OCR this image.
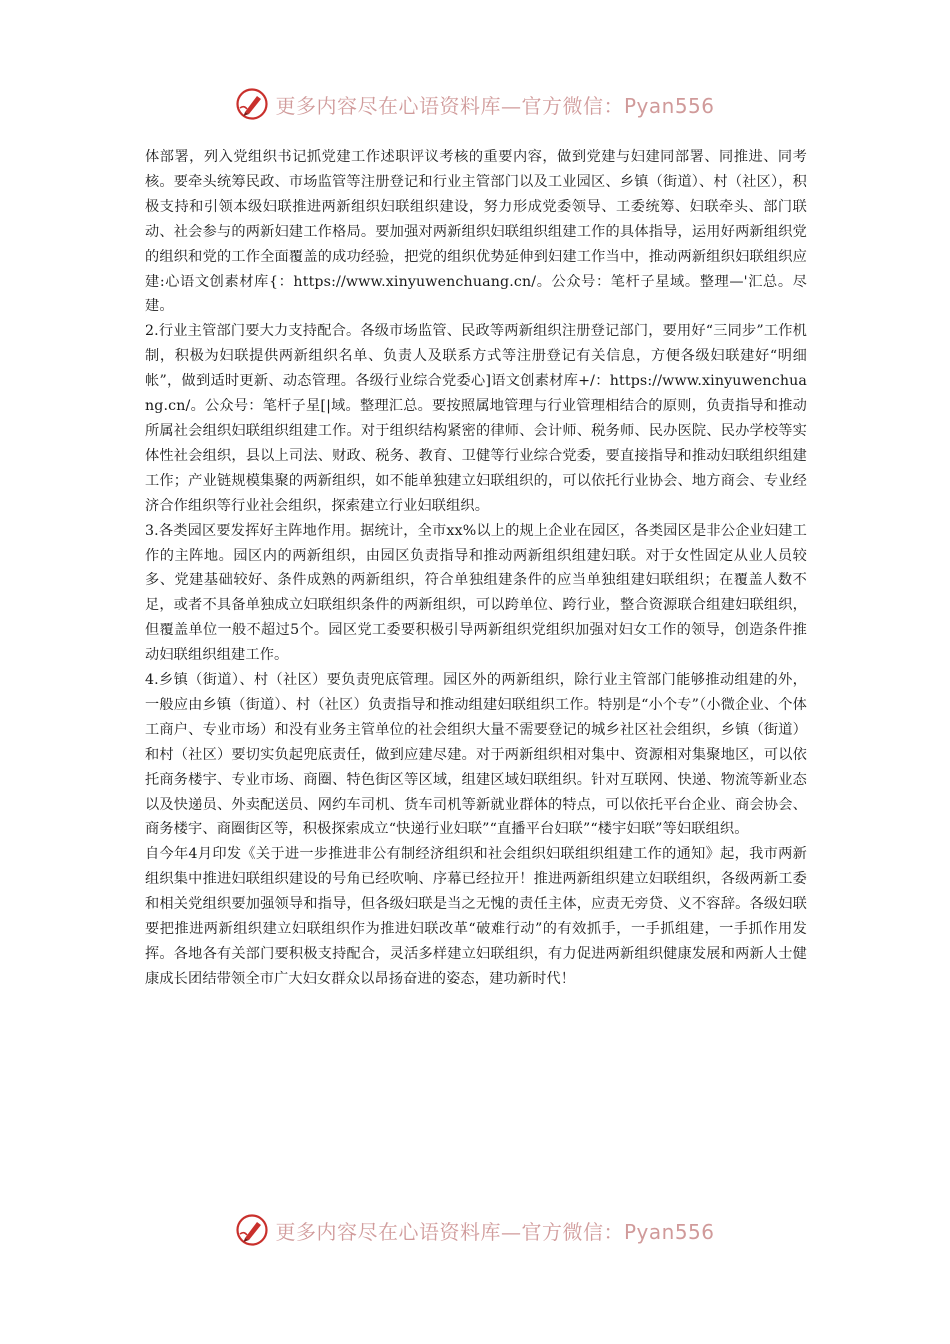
更多内容尽在心语资料库—官方微信：Pyan556

体部署，列入党组织书记抓党建工作述职评议考核的重要内容，做到党建与妇建同部署、同推进、同考核。要牵头统筹民政、市场监管等注册登记和行业主管部门以及工业园区、乡镇（街道）、村（社区），积极支持和引领本级妇联推进两新组织妇联组织建设，努力形成党委领导、工委统筹、妇联牵头、部门联动、社会参与的两新妇建工作格局。要加强对两新组织妇联组织组建工作的具体指导，运用好两新组织党的组织和党的工作全面覆盖的成功经验，把党的组织优势延伸到妇建工作当中，推动两新组织妇联组织应建:心语文创素材库{：https://www.xinyuwenchuang.cn/。公众号：笔杆子星域。整理—'汇总。尽建。

2.行业主管部门要大力支持配合。各级市场监管、民政等两新组织注册登记部门，要用好“三同步”工作机制，积极为妇联提供两新组织名单、负责人及联系方式等注册登记有关信息，方便各级妇联建好“明细帐”，做到适时更新、动态管理。各级行业综合党委心]语文创素材库+/：https://www.xinyuwenchuang.cn/。公众号：笔杆子星[|域。整理汇总。要按照属地管理与行业管理相结合的原则，负责指导和推动所属社会组织妇联组织组建工作。对于组织结构紧密的律师、会计师、税务师、民办医院、民办学校等实体性社会组织，县以上司法、财政、税务、教育、卫健等行业综合党委，要直接指导和推动妇联组织组建工作；产业链规模集聚的两新组织，如不能单独建立妇联组织的，可以依托行业协会、地方商会、专业经济合作组织等行业社会组织，探索建立行业妇联组织。

3.各类园区要发挥好主阵地作用。据统计，全市xx%以上的规上企业在园区，各类园区是非公企业妇建工作的主阵地。园区内的两新组织，由园区负责指导和推动两新组织组建妇联。对于女性固定从业人员较多、党建基础较好、条件成熟的两新组织，符合单独组建条件的应当单独组建妇联组织；在覆盖人数不足，或者不具备单独成立妇联组织条件的两新组织，可以跨单位、跨行业，整合资源联合组建妇联组织，但覆盖单位一般不超过5个。园区党工委要积极引导两新组织党组织加强对妇女工作的领导，创造条件推动妇联组织组建工作。

4.乡镇（街道）、村（社区）要负责兜底管理。园区外的两新组织，除行业主管部门能够推动组建的外，一般应由乡镇（街道）、村（社区）负责指导和推动组建妇联组织工作。特别是“小个专”（小微企业、个体工商户、专业市场）和没有业务主管单位的社会组织大量不需要登记的城乡社区社会组织，乡镇（街道）和村（社区）要切实负起兜底责任，做到应建尽建。对于两新组织相对集中、资源相对集聚地区，可以依托商务楼宇、专业市场、商圈、特色街区等区域，组建区域妇联组织。针对互联网、快递、物流等新业态以及快递员、外卖配送员、网约车司机、货车司机等新就业群体的特点，可以依托平台企业、商会协会、商务楼宇、商圈街区等，积极探索成立“快递行业妇联”“直播平台妇联”“楼宇妇联”等妇联组织。

自今年4月印发《关于进一步推进非公有制经济组织和社会组织妇联组织组建工作的通知》起，我市两新组织集中推进妇联组织建设的号角已经吹响、序幕已经拉开！推进两新组织建立妇联组织，各级两新工委和相关党组织要加强领导和指导，但各级妇联是当之无愧的责任主体，应责无旁贷、义不容辞。各级妇联要把推进两新组织建立妇联组织作为推进妇联改革“破难行动”的有效抓手，一手抓组建，一手抓作用发挥。各地各有关部门要积极支持配合，灵活多样建立妇联组织，有力促进两新组织健康发展和两新人士健康成长团结带领全市广大妇女群众以昂扬奋进的姿态，建功新时代！

更多内容尽在心语资料库—官方微信：Pyan556
